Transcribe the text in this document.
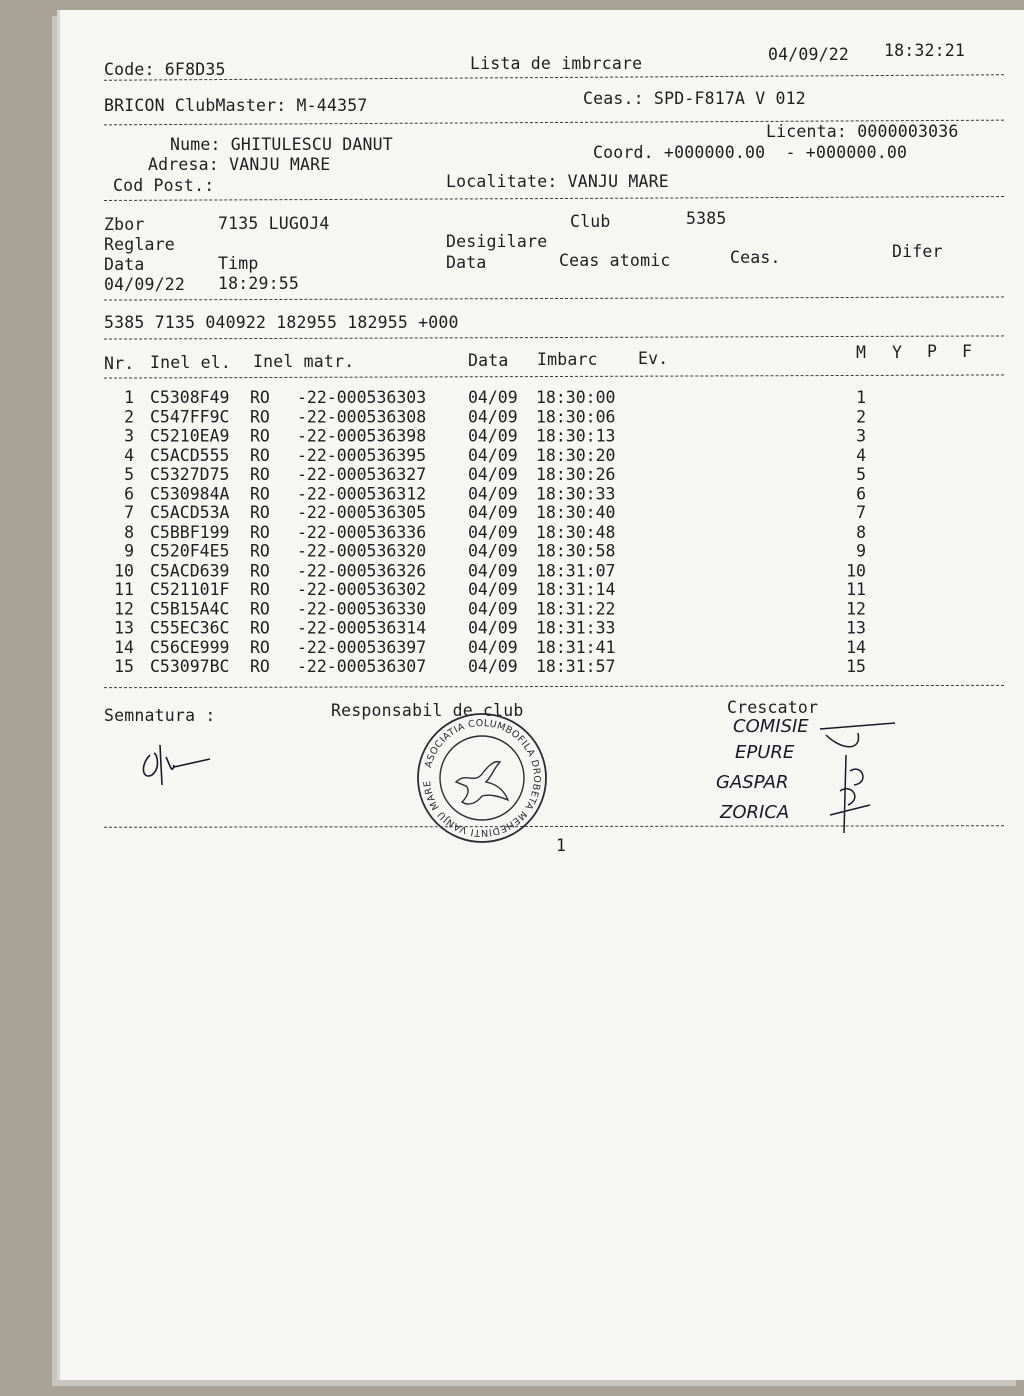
Code: 6F8D35	Lista de imbrcare	04/09/22 18:32:21
BRICON ClubMaster: M-44357	Ceas.: SPD-F817A V 012
Licenta: 0000003036
Nume: GHITULESCU DANUT	Coord. +000000.00  - +000000.00
Adresa: VANJU MARE
Cod Post.:	Localitate: VANJU MARE
Zbor	7135 LUGOJ4	Club	5385
Reglare	Desigilare
Difer
Data	Timp	Data	Ceas atomic	Ceas.
04/09/22 18:29:55
5385 7135 040922 182955 182955 +000
Nr. Inel el. Inel matr.	Data Imbarc Ev.	M Y P F
1 C5308F49 RO -22-000536303	04/09 18:30:00	1
2 C547FF9C RO -22-000536308	04/09 18:30:06	2
3 C5210EA9 RO -22-000536398	04/09 18:30:13	3
4 C5ACD555 RO -22-000536395	04/09 18:30:20	4
5 C5327D75 RO -22-000536327	04/09 18:30:26	5
6 C530984A RO -22-000536312	04/09 18:30:33	6
7 C5ACD53A RO -22-000536305	04/09 18:30:40	7
8 C5BBF199 RO -22-000536336	04/09 18:30:48	8
9 C520F4E5 RO -22-000536320	04/09 18:30:58	9
10 C5ACD639 RO -22-000536326	04/09 18:31:07	10
11 C521101F RO -22-000536302	04/09 18:31:14	11
12 C5B15A4C RO -22-000536330	04/09 18:31:22	12
13 C55EC36C RO -22-000536314	04/09 18:31:33	13
14 C56CE999 RO -22-000536397	04/09 18:31:41	14
15 C53097BC RO -22-000536307	04/09 18:31:57	15
Semnatura :	Responsabil de club	Crescator
ASOCIATIA COLUMBOFILA DROBETA MEHEDINTI VANJU MARE
COMISIE
EPURE
GASPAR
ZORICA
1
